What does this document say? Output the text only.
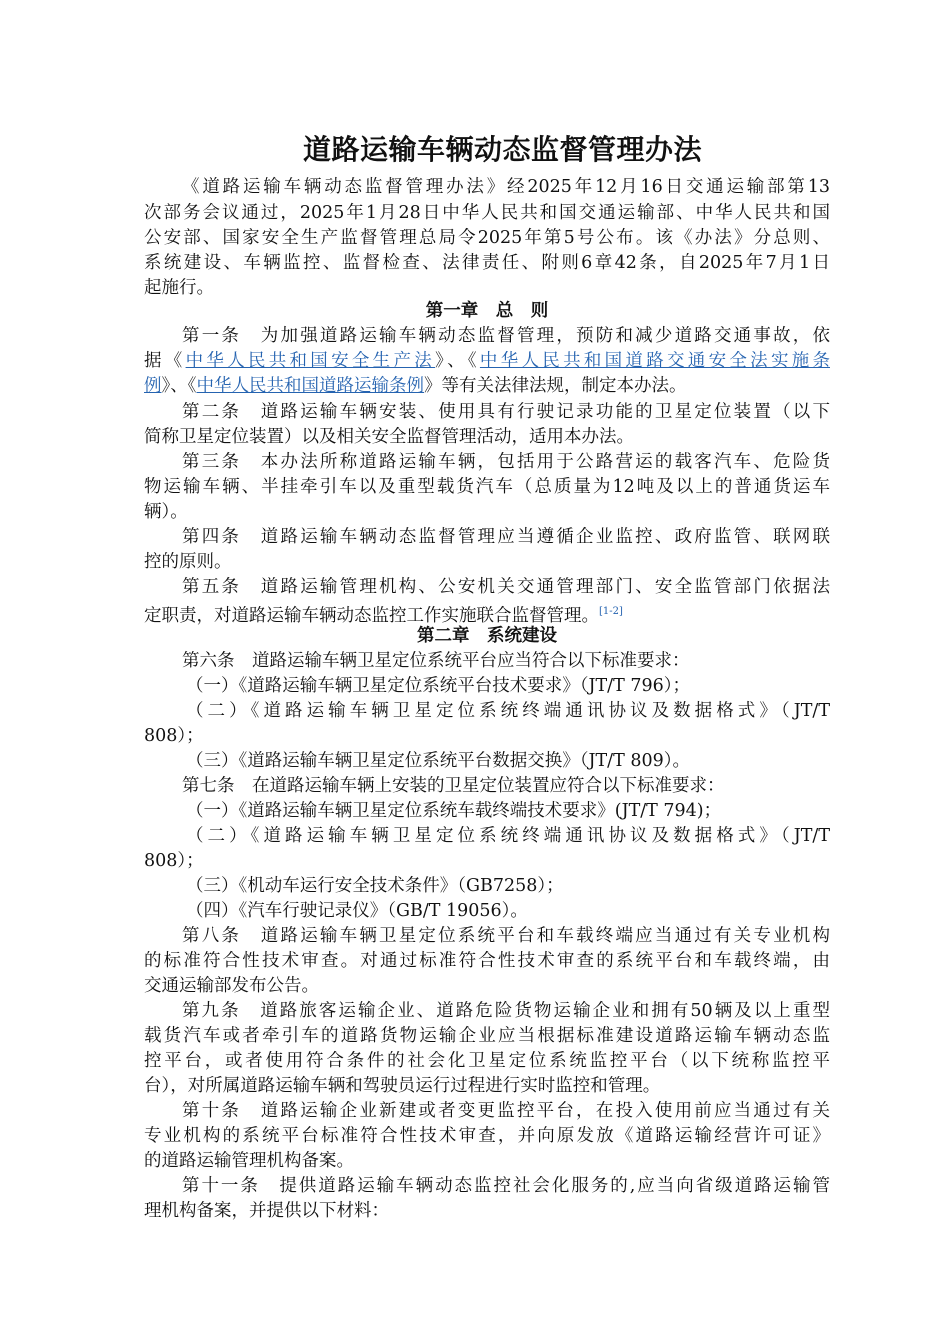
道路运输车辆动态监督管理办法
《道路运输车辆动态监督管理办法》经2025年12月16日交通运输部第13
次部务会议通过，2025年1月28日中华人民共和国交通运输部、中华人民共和国
公安部、国家安全生产监督管理总局令2025年第5号公布。该《办法》分总则、
系统建设、车辆监控、监督检查、法律责任、附则6章42条，自2025年7月1日
起施行。
第一章　总　则
第一条　为加强道路运输车辆动态监督管理，预防和减少道路交通事故，依
据《中华人民共和国安全生产法》、《中华人民共和国道路交通安全法实施条
例》、《中华人民共和国道路运输条例》等有关法律法规，制定本办法。
第二条　道路运输车辆安装、使用具有行驶记录功能的卫星定位装置（以下
简称卫星定位装置）以及相关安全监督管理活动，适用本办法。
第三条　本办法所称道路运输车辆，包括用于公路营运的载客汽车、危险货
物运输车辆、半挂牵引车以及重型载货汽车（总质量为12吨及以上的普通货运车
辆）。
第四条　道路运输车辆动态监督管理应当遵循企业监控、政府监管、联网联
控的原则。
第五条　道路运输管理机构、公安机关交通管理部门、安全监管部门依据法
定职责，对道路运输车辆动态监控工作实施联合监督管理。[1-2]
第二章　系统建设
第六条　道路运输车辆卫星定位系统平台应当符合以下标准要求：
（一）《道路运输车辆卫星定位系统平台技术要求》（JT/T 796）；
（二）《道路运输车辆卫星定位系统终端通讯协议及数据格式》（JT/T
808）；
（三）《道路运输车辆卫星定位系统平台数据交换》（JT/T 809）。
第七条　在道路运输车辆上安装的卫星定位装置应符合以下标准要求：
（一）《道路运输车辆卫星定位系统车载终端技术要求》(JT/T 794)；
（二）《道路运输车辆卫星定位系统终端通讯协议及数据格式》（JT/T
808）；
（三）《机动车运行安全技术条件》（GB7258）；
（四）《汽车行驶记录仪》（GB/T 19056）。
第八条　道路运输车辆卫星定位系统平台和车载终端应当通过有关专业机构
的标准符合性技术审查。对通过标准符合性技术审查的系统平台和车载终端，由
交通运输部发布公告。
第九条　道路旅客运输企业、道路危险货物运输企业和拥有50辆及以上重型
载货汽车或者牵引车的道路货物运输企业应当根据标准建设道路运输车辆动态监
控平台，或者使用符合条件的社会化卫星定位系统监控平台（以下统称监控平
台），对所属道路运输车辆和驾驶员运行过程进行实时监控和管理。
第十条　道路运输企业新建或者变更监控平台，在投入使用前应当通过有关
专业机构的系统平台标准符合性技术审查，并向原发放《道路运输经营许可证》
的道路运输管理机构备案。
第十一条　提供道路运输车辆动态监控社会化服务的,应当向省级道路运输管
理机构备案，并提供以下材料：
